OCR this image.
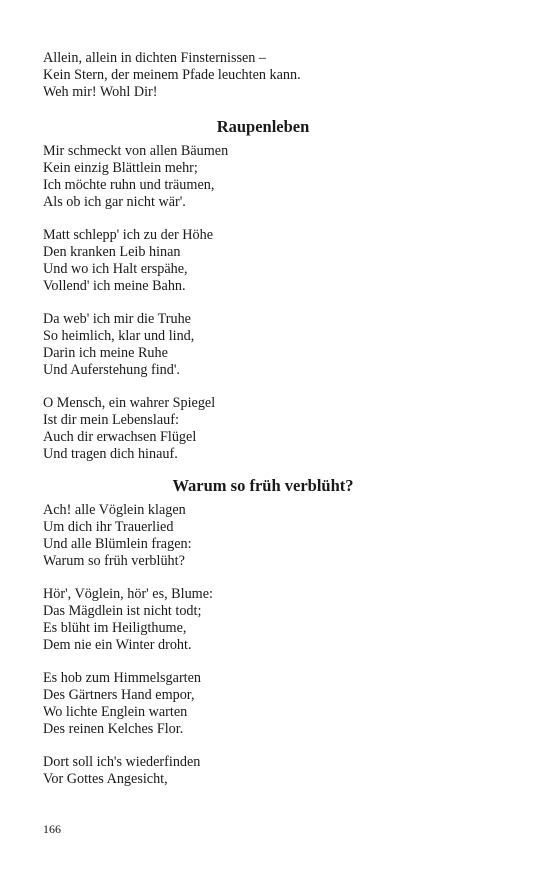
Allein, allein in dichten Finsternissen –
Kein Stern, der meinem Pfade leuchten kann.
Weh mir! Wohl Dir!
Raupenleben
Mir schmeckt von allen Bäumen
Kein einzig Blättlein mehr;
Ich möchte ruhn und träumen,
Als ob ich gar nicht wär'.
Matt schlepp' ich zu der Höhe
Den kranken Leib hinan
Und wo ich Halt erspähe,
Vollend' ich meine Bahn.
Da web' ich mir die Truhe
So heimlich, klar und lind,
Darin ich meine Ruhe
Und Auferstehung find'.
O Mensch, ein wahrer Spiegel
Ist dir mein Lebenslauf:
Auch dir erwachsen Flügel
Und tragen dich hinauf.
Warum so früh verblüht?
Ach! alle Vöglein klagen
Um dich ihr Trauerlied
Und alle Blümlein fragen:
Warum so früh verblüht?
Hör', Vöglein, hör' es, Blume:
Das Mägdlein ist nicht todt;
Es blüht im Heiligthume,
Dem nie ein Winter droht.
Es hob zum Himmelsgarten
Des Gärtners Hand empor,
Wo lichte Englein warten
Des reinen Kelches Flor.
Dort soll ich's wiederfinden
Vor Gottes Angesicht,
166
